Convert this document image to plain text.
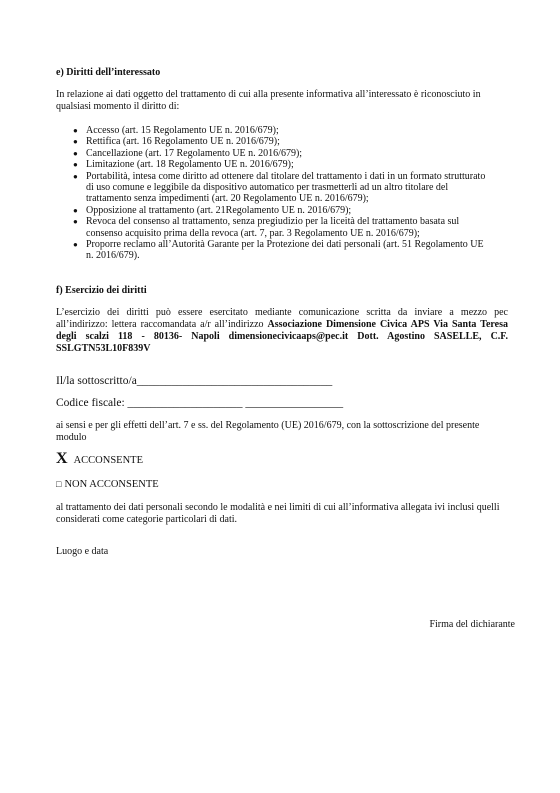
e) Diritti dell’interessato
In relazione ai dati oggetto del trattamento di cui alla presente informativa all’interessato è riconosciuto in
qualsiasi momento il diritto di:
● Accesso (art. 15 Regolamento UE n. 2016/679);
● Rettifica (art. 16 Regolamento UE n. 2016/679);
● Cancellazione (art. 17 Regolamento UE n. 2016/679);
● Limitazione (art. 18 Regolamento UE n. 2016/679);
● Portabilità, intesa come diritto ad ottenere dal titolare del trattamento i dati in un formato strutturato
di uso comune e leggibile da dispositivo automatico per trasmetterli ad un altro titolare del
trattamento senza impedimenti (art. 20 Regolamento UE n. 2016/679);
● Opposizione al trattamento (art. 21Regolamento UE n. 2016/679);
● Revoca del consenso al trattamento, senza pregiudizio per la liceità del trattamento basata sul
consenso acquisito prima della revoca (art. 7, par. 3 Regolamento UE n. 2016/679);
● Proporre reclamo all’Autorità Garante per la Protezione dei dati personali (art. 51 Regolamento UE
n. 2016/679).
f) Esercizio dei diritti
L’esercizio dei diritti può essere esercitato mediante comunicazione scritta da inviare a mezzo pec
all’indirizzo: lettera raccomandata a/r all’indirizzo Associazione Dimensione Civica APS Via Santa Teresa
degli scalzi 118 - 80136- Napoli dimensionecivicaaps@pec.it Dott. Agostino SASELLE, C.F.
SSLGTN53L10F839V
Il/la sottoscritto/a__________________________________
Codice fiscale: ____________________ _________________
ai sensi e per gli effetti dell’art. 7 e ss. del Regolamento (UE) 2016/679, con la sottoscrizione del presente
modulo
XACCONSENTE
□ NON ACCONSENTE
al trattamento dei dati personali secondo le modalità e nei limiti di cui all’informativa allegata ivi inclusi quelli
considerati come categorie particolari di dati.
Luogo e data
Firma del dichiarante
